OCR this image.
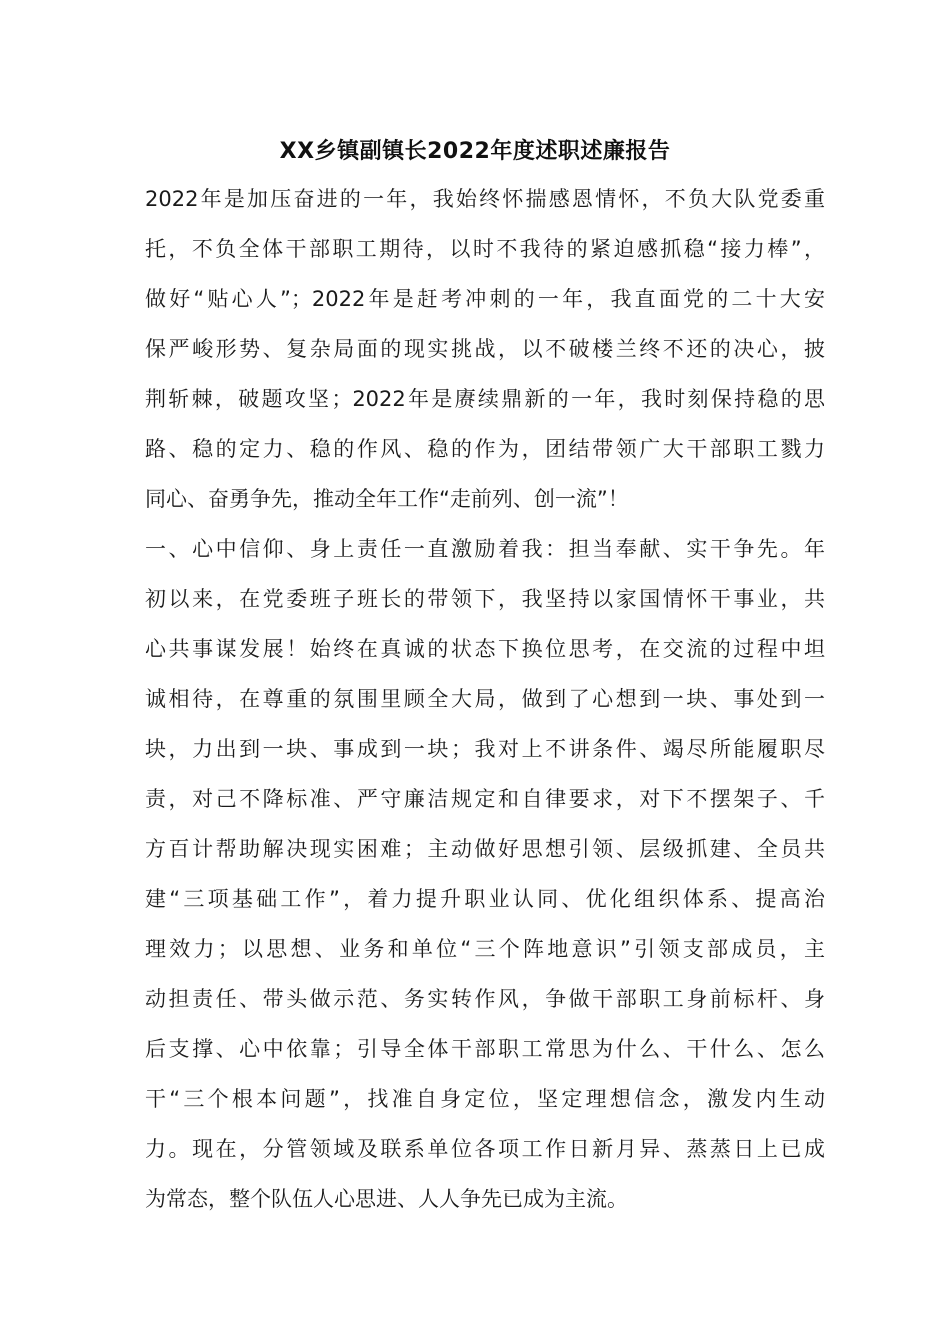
XX乡镇副镇长2022年度述职述廉报告
2022年是加压奋进的一年，我始终怀揣感恩情怀，不负大队党委重
托，不负全体干部职工期待，以时不我待的紧迫感抓稳“接力棒”，
做好“贴心人”；2022年是赶考冲刺的一年，我直面党的二十大安
保严峻形势、复杂局面的现实挑战，以不破楼兰终不还的决心，披
荆斩棘，破题攻坚；2022年是赓续鼎新的一年，我时刻保持稳的思
路、稳的定力、稳的作风、稳的作为，团结带领广大干部职工戮力
同心、奋勇争先，推动全年工作“走前列、创一流”！
一、心中信仰、身上责任一直激励着我：担当奉献、实干争先。年
初以来，在党委班子班长的带领下，我坚持以家国情怀干事业，共
心共事谋发展！始终在真诚的状态下换位思考，在交流的过程中坦
诚相待，在尊重的氛围里顾全大局，做到了心想到一块、事处到一
块，力出到一块、事成到一块；我对上不讲条件、竭尽所能履职尽
责，对己不降标准、严守廉洁规定和自律要求，对下不摆架子、千
方百计帮助解决现实困难；主动做好思想引领、层级抓建、全员共
建“三项基础工作”，着力提升职业认同、优化组织体系、提高治
理效力；以思想、业务和单位“三个阵地意识”引领支部成员，主
动担责任、带头做示范、务实转作风，争做干部职工身前标杆、身
后支撑、心中依靠；引导全体干部职工常思为什么、干什么、怎么
干“三个根本问题”，找准自身定位，坚定理想信念，激发内生动
力。现在，分管领域及联系单位各项工作日新月异、蒸蒸日上已成
为常态，整个队伍人心思进、人人争先已成为主流。
